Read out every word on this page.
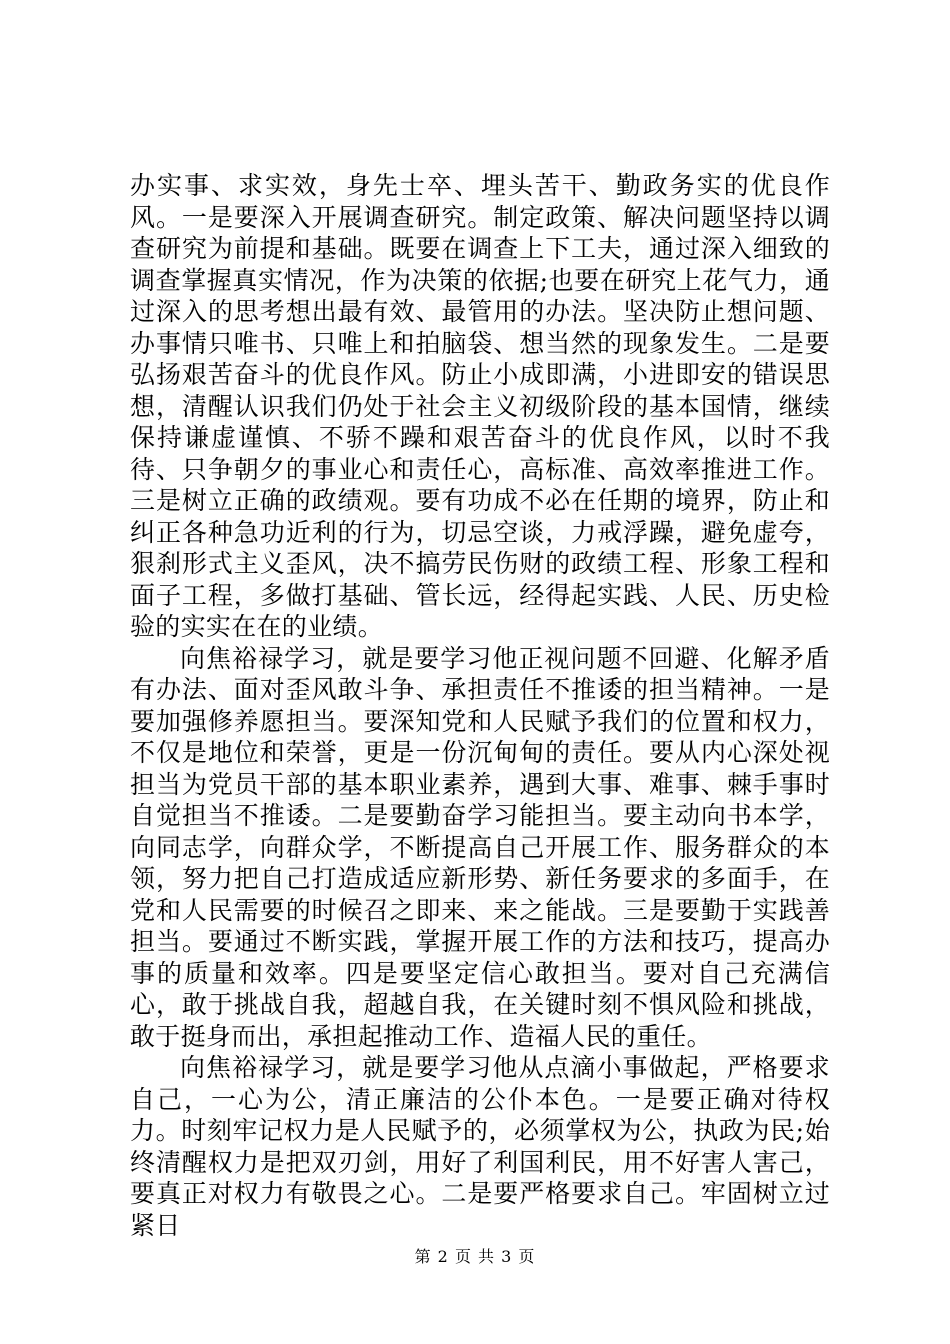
办实事、求实效，身先士卒、埋头苦干、勤政务实的优良作风。一是要深入开展调查研究。制定政策、解决问题坚持以调查研究为前提和基础。既要在调查上下工夫，通过深入细致的调查掌握真实情况，作为决策的依据;也要在研究上花气力，通过深入的思考想出最有效、最管用的办法。坚决防止想问题、办事情只唯书、只唯上和拍脑袋、想当然的现象发生。二是要弘扬艰苦奋斗的优良作风。防止小成即满，小进即安的错误思想，清醒认识我们仍处于社会主义初级阶段的基本国情，继续保持谦虚谨慎、不骄不躁和艰苦奋斗的优良作风，以时不我待、只争朝夕的事业心和责任心，高标准、高效率推进工作。三是树立正确的政绩观。要有功成不必在任期的境界，防止和纠正各种急功近利的行为，切忌空谈，力戒浮躁，避免虚夸，狠刹形式主义歪风，决不搞劳民伤财的政绩工程、形象工程和面子工程，多做打基础、管长远，经得起实践、人民、历史检验的实实在在的业绩。

向焦裕禄学习，就是要学习他正视问题不回避、化解矛盾有办法、面对歪风敢斗争、承担责任不推诿的担当精神。一是要加强修养愿担当。要深知党和人民赋予我们的位置和权力，不仅是地位和荣誉，更是一份沉甸甸的责任。要从内心深处视担当为党员干部的基本职业素养，遇到大事、难事、棘手事时自觉担当不推诿。二是要勤奋学习能担当。要主动向书本学，向同志学，向群众学，不断提高自己开展工作、服务群众的本领，努力把自己打造成适应新形势、新任务要求的多面手，在党和人民需要的时候召之即来、来之能战。三是要勤于实践善担当。要通过不断实践，掌握开展工作的方法和技巧，提高办事的质量和效率。四是要坚定信心敢担当。要对自己充满信心，敢于挑战自我，超越自我，在关键时刻不惧风险和挑战，敢于挺身而出，承担起推动工作、造福人民的重任。

向焦裕禄学习，就是要学习他从点滴小事做起，严格要求自己，一心为公，清正廉洁的公仆本色。一是要正确对待权力。时刻牢记权力是人民赋予的，必须掌权为公，执政为民;始终清醒权力是把双刃剑，用好了利国利民，用不好害人害己，要真正对权力有敬畏之心。二是要严格要求自己。牢固树立过紧日

第 2 页 共 3 页
